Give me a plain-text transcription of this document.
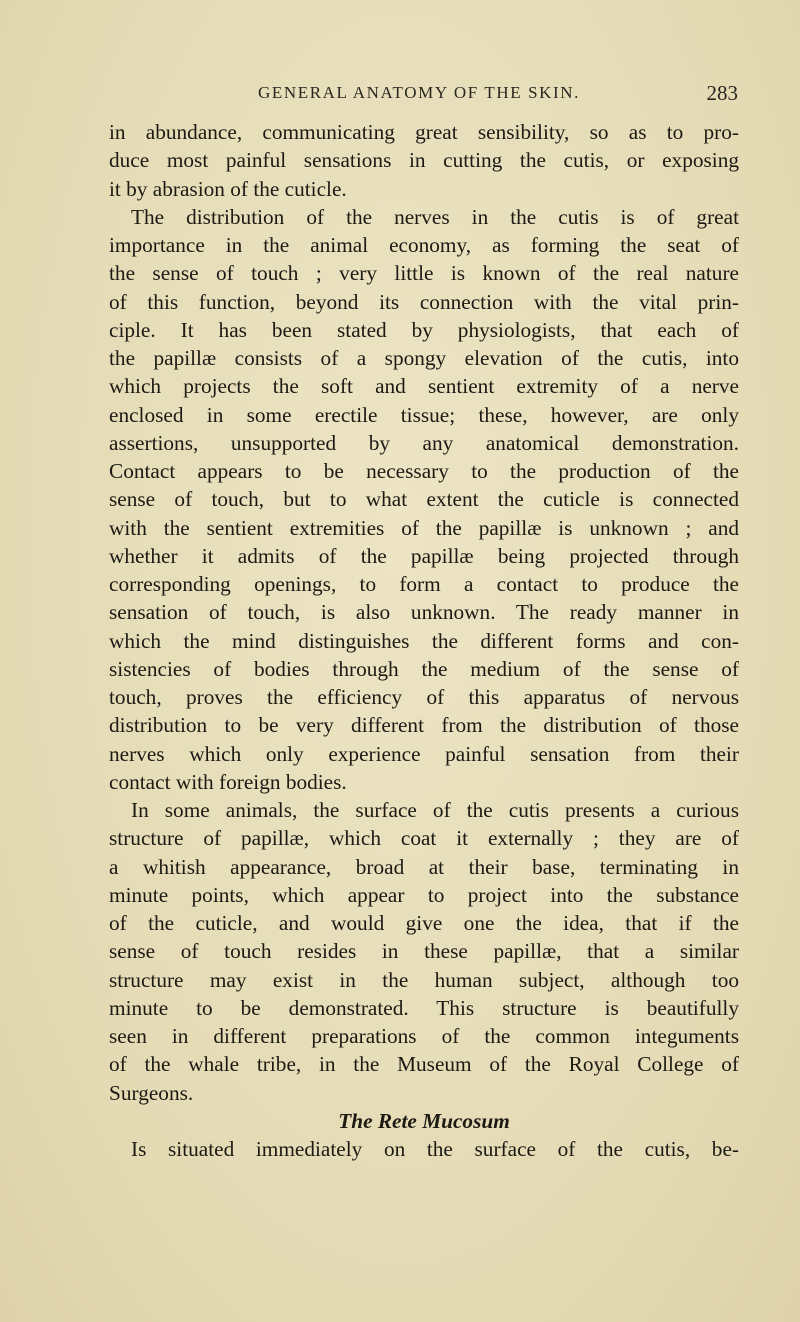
GENERAL ANATOMY OF THE SKIN.	283
in abundance, communicating great sensibility, so as to pro-
duce most painful sensations in cutting the cutis, or exposing
it by abrasion of the cuticle.
The distribution of the nerves in the cutis is of great
importance in the animal economy, as forming the seat of
the sense of touch ; very little is known of the real nature
of this function, beyond its connection with the vital prin-
ciple. It has been stated by physiologists, that each of
the papillæ consists of a spongy elevation of the cutis, into
which projects the soft and sentient extremity of a nerve
enclosed in some erectile tissue; these, however, are only
assertions, unsupported by any anatomical demonstration.
Contact appears to be necessary to the production of the
sense of touch, but to what extent the cuticle is connected
with the sentient extremities of the papillæ is unknown ; and
whether it admits of the papillæ being projected through
corresponding openings, to form a contact to produce the
sensation of touch, is also unknown. The ready manner in
which the mind distinguishes the different forms and con-
sistencies of bodies through the medium of the sense of
touch, proves the efficiency of this apparatus of nervous
distribution to be very different from the distribution of those
nerves which only experience painful sensation from their
contact with foreign bodies.
In some animals, the surface of the cutis presents a curious
structure of papillæ, which coat it externally ; they are of
a whitish appearance, broad at their base, terminating in
minute points, which appear to project into the substance
of the cuticle, and would give one the idea, that if the
sense of touch resides in these papillæ, that a similar
structure may exist in the human subject, although too
minute to be demonstrated. This structure is beautifully
seen in different preparations of the common integuments
of the whale tribe, in the Museum of the Royal College of
Surgeons.
The Rete Mucosum
Is situated immediately on the surface of the cutis, be-
